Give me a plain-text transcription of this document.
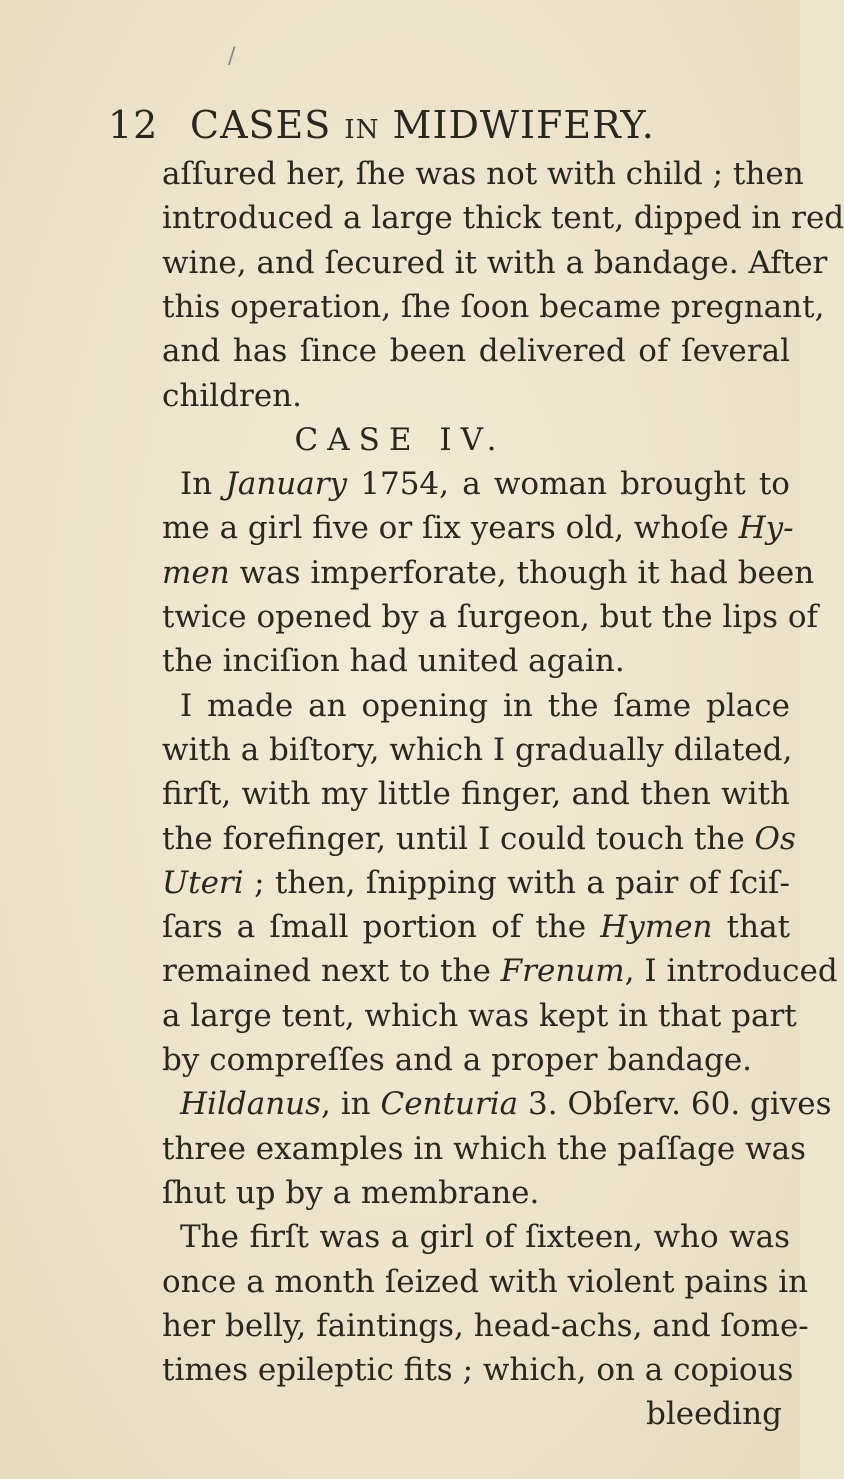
/
12 CASES IN MIDWIFERY.
aſſured her, ſhe was not with child ; then
introduced a large thick tent, dipped in red
wine, and ſecured it with a bandage. After
this operation, ſhe ſoon became pregnant,
and has ſince been delivered of ſeveral
children.
CASE IV.
In January 1754, a woman brought to
me a girl five or ſix years old, whoſe Hy-
men was imperforate, though it had been
twice opened by a ſurgeon, but the lips of
the inciſion had united again.
I made an opening in the ſame place
with a biſtory, which I gradually dilated,
firſt, with my little finger, and then with
the forefinger, until I could touch the Os
Uteri ; then, ſnipping with a pair of ſciſ-
ſars a ſmall portion of the Hymen that
remained next to the Frenum, I introduced
a large tent, which was kept in that part
by compreſſes and a proper bandage.
Hildanus, in Centuria 3. Obſerv. 60. gives
three examples in which the paſſage was
ſhut up by a membrane.
The firſt was a girl of ſixteen, who was
once a month ſeized with violent pains in
her belly, faintings, head-achs, and ſome-
times epileptic fits ; which, on a copious
bleeding
